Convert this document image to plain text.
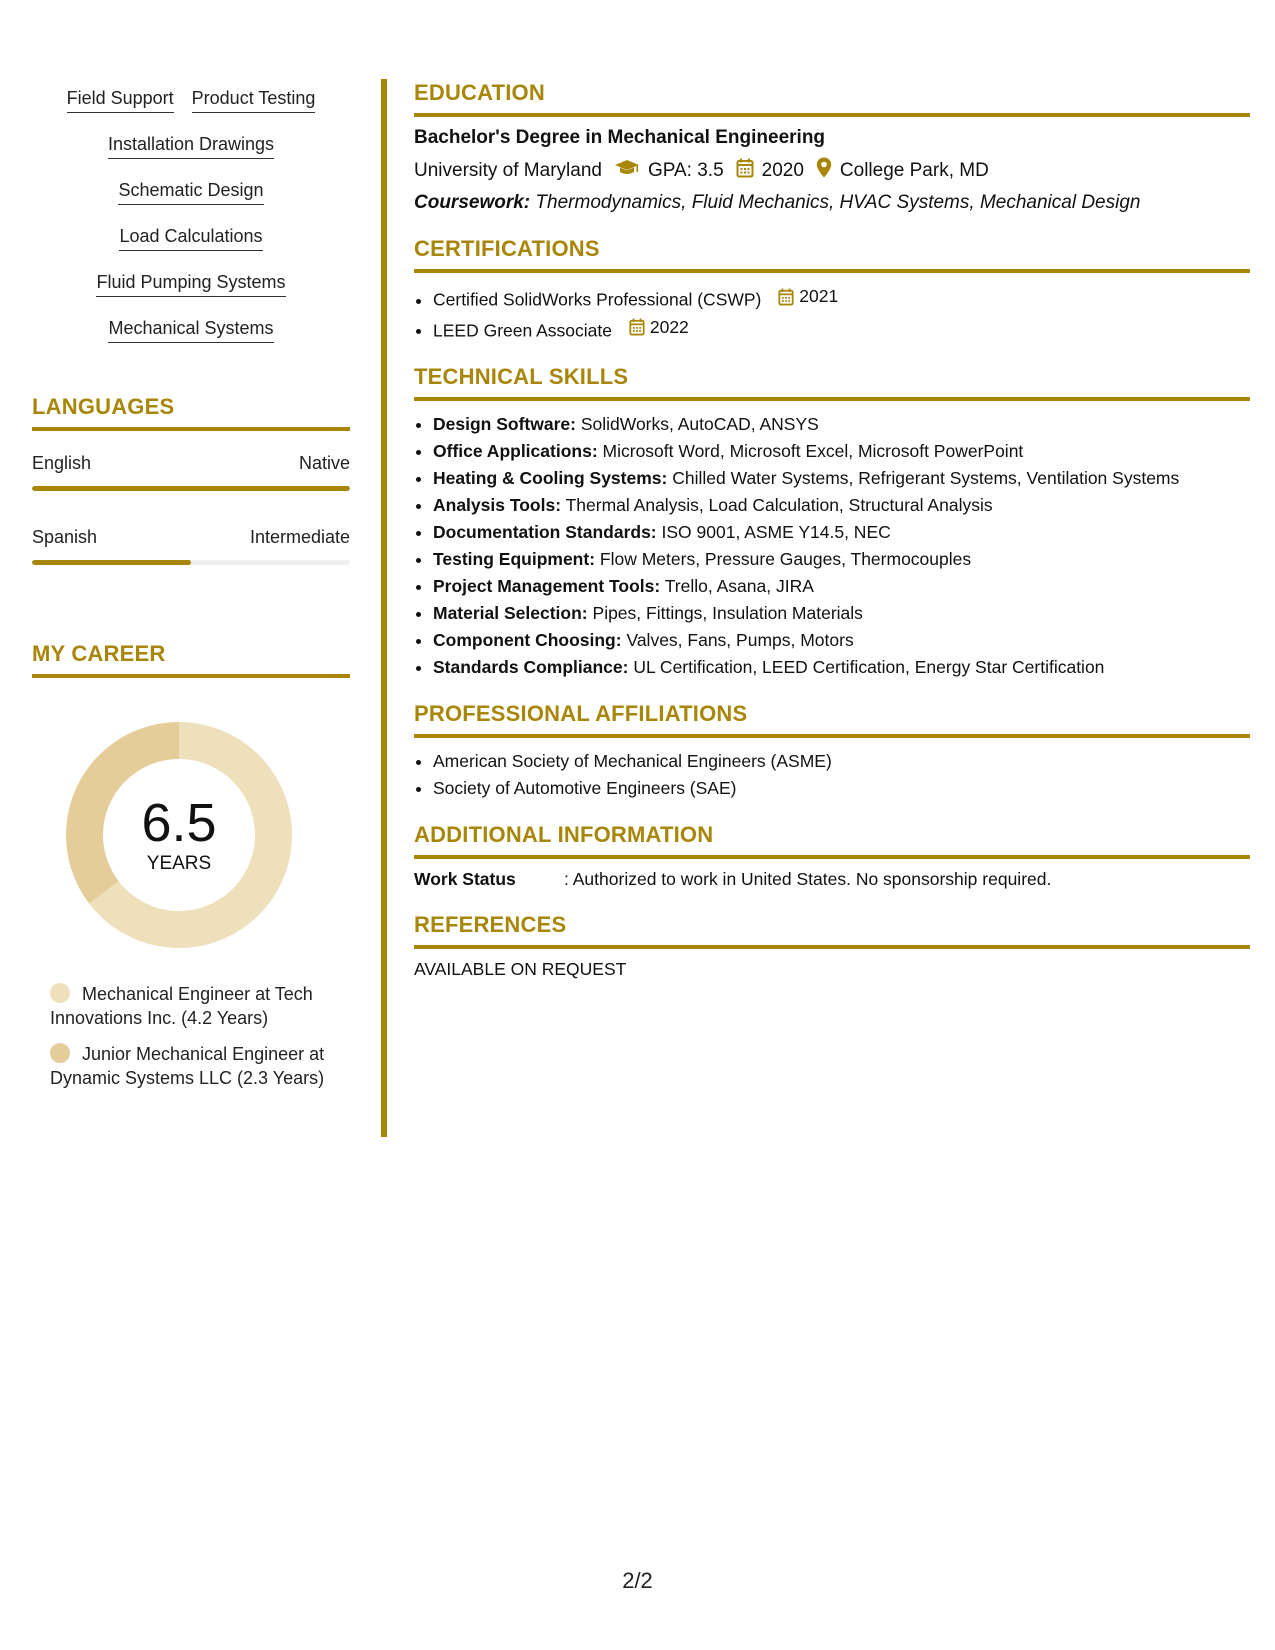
Field Support Product Testing
Installation Drawings
Schematic Design
Load Calculations
Fluid Pumping Systems
Mechanical Systems
LANGUAGES
English	Native
Spanish	Intermediate
MY CAREER
6.5
YEARS
Mechanical Engineer at Tech Innovations Inc. (4.2 Years)
Junior Mechanical Engineer at Dynamic Systems LLC (2.3 Years)
EDUCATION
Bachelor's Degree in Mechanical Engineering
University of Maryland GPA: 3.5 2020 College Park, MD
Coursework: Thermodynamics, Fluid Mechanics, HVAC Systems, Mechanical Design
CERTIFICATIONS
• Certified SolidWorks Professional (CSWP) 2021
• LEED Green Associate 2022
TECHNICAL SKILLS
• Design Software: SolidWorks, AutoCAD, ANSYS
• Office Applications: Microsoft Word, Microsoft Excel, Microsoft PowerPoint
• Heating & Cooling Systems: Chilled Water Systems, Refrigerant Systems, Ventilation Systems
• Analysis Tools: Thermal Analysis, Load Calculation, Structural Analysis
• Documentation Standards: ISO 9001, ASME Y14.5, NEC
• Testing Equipment: Flow Meters, Pressure Gauges, Thermocouples
• Project Management Tools: Trello, Asana, JIRA
• Material Selection: Pipes, Fittings, Insulation Materials
• Component Choosing: Valves, Fans, Pumps, Motors
• Standards Compliance: UL Certification, LEED Certification, Energy Star Certification
PROFESSIONAL AFFILIATIONS
• American Society of Mechanical Engineers (ASME)
• Society of Automotive Engineers (SAE)
ADDITIONAL INFORMATION
Work Status	: Authorized to work in United States. No sponsorship required.
REFERENCES
AVAILABLE ON REQUEST
2/2
